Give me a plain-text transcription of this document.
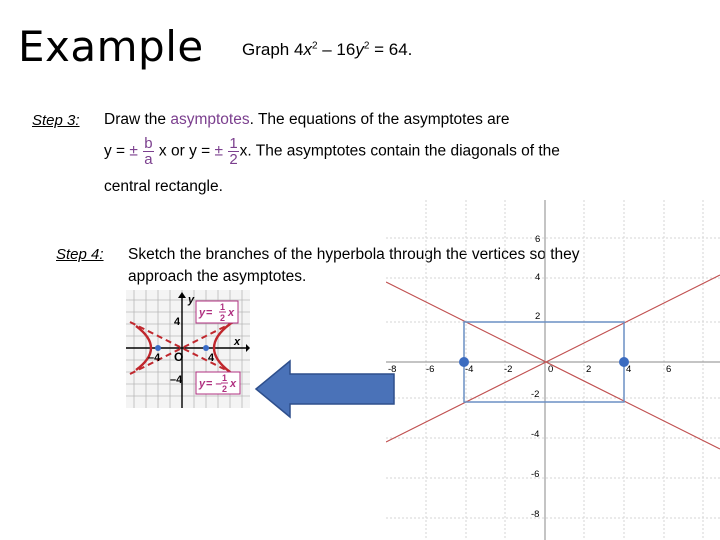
Example Graph $4x^2 - 16y^2 = 64$.
Step 3: Draw the asymptotes. The equations of the asymptotes are
y = ± $\frac{b}{a}$ x or y = ± $\frac{1}{2} x$. The asymptotes contain the diagonals of the
central rectangle.
Step 4: Sketch the branches of the hyperbola through the vertices so they
approach the asymptotes.
y
x
4
–4
–4 O 4
y = 1
2 x
y = – 1
2 x
-8	-6	-4	-2	0	2	4	6
6
4
2
-2
-4
-6
-8
